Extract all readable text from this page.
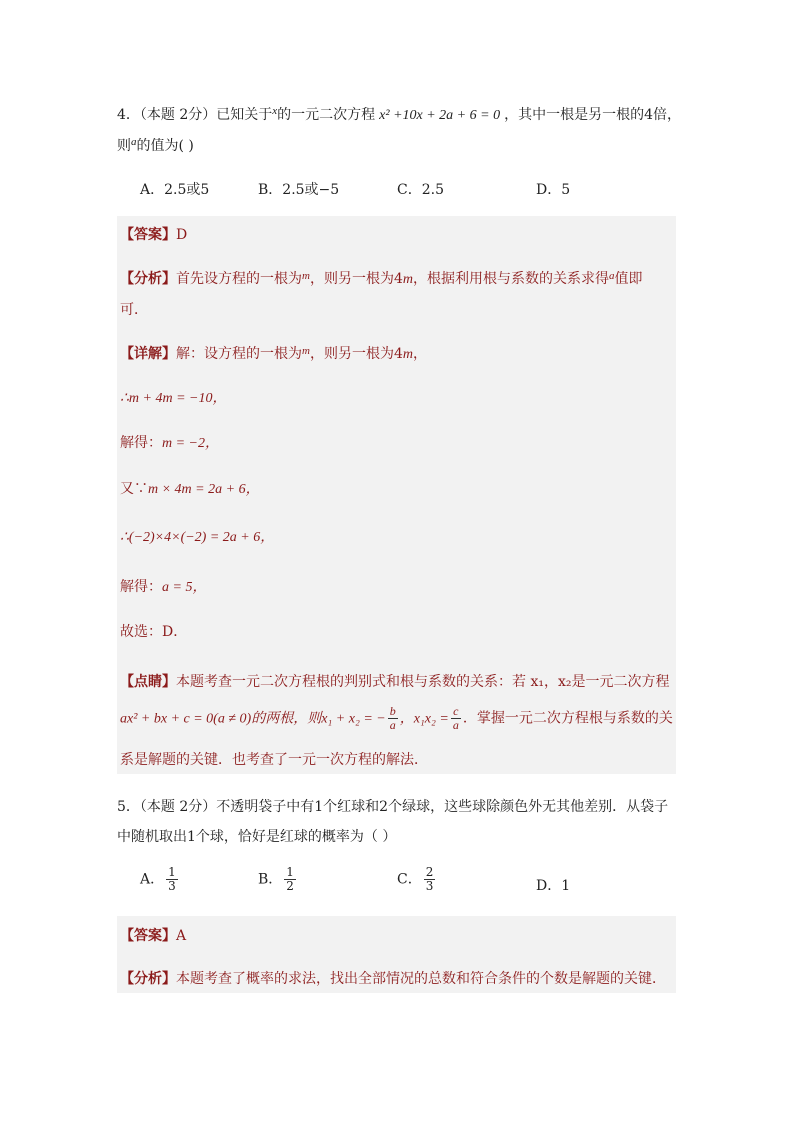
4．（本题 2分）已知关于$^x$的一元二次方程 x² +10x + 2a + 6 = 0 ，其中一根是另一根的4倍，
则$^a$的值为( )
A．2.5或5	B．2.5或−5	C．2.5	D．5
【答案】D
【分析】首先设方程的一根为$^m$，则另一根为4m，根据利用根与系数的关系求得$^a$值即
可．
【详解】解：设方程的一根为$^m$，则另一根为4m，
∴m + 4m = −10，
解得：m = −2，
又∵m × 4m = 2a + 6，
∴(−2)×4×(−2) = 2a + 6，
解得：a = 5，
故选：D．
【点睛】本题考查一元二次方程根的判别式和根与系数的关系：若 x₁，x₂是一元二次方程
ax² + bx + c = 0(a ≠ 0)的两根，则x₁ + x₂ = − $\frac{b}{a}$ ，$x_1x_2 = \frac{c}{a}$ ．掌握一元二次方程根与系数的关
系是解题的关键．也考查了一元一次方程的解法．
5．（本题 2分）不透明袋子中有1个红球和2个绿球，这些球除颜色外无其他差别．从袋子
中随机取出1个球，恰好是红球的概率为（ ）
A． $\frac{1}{3}$	B． $\frac{1}{2}$	C． $\frac{2}{3}$	D．1
【答案】A
【分析】本题考查了概率的求法，找出全部情况的总数和符合条件的个数是解题的关键．
